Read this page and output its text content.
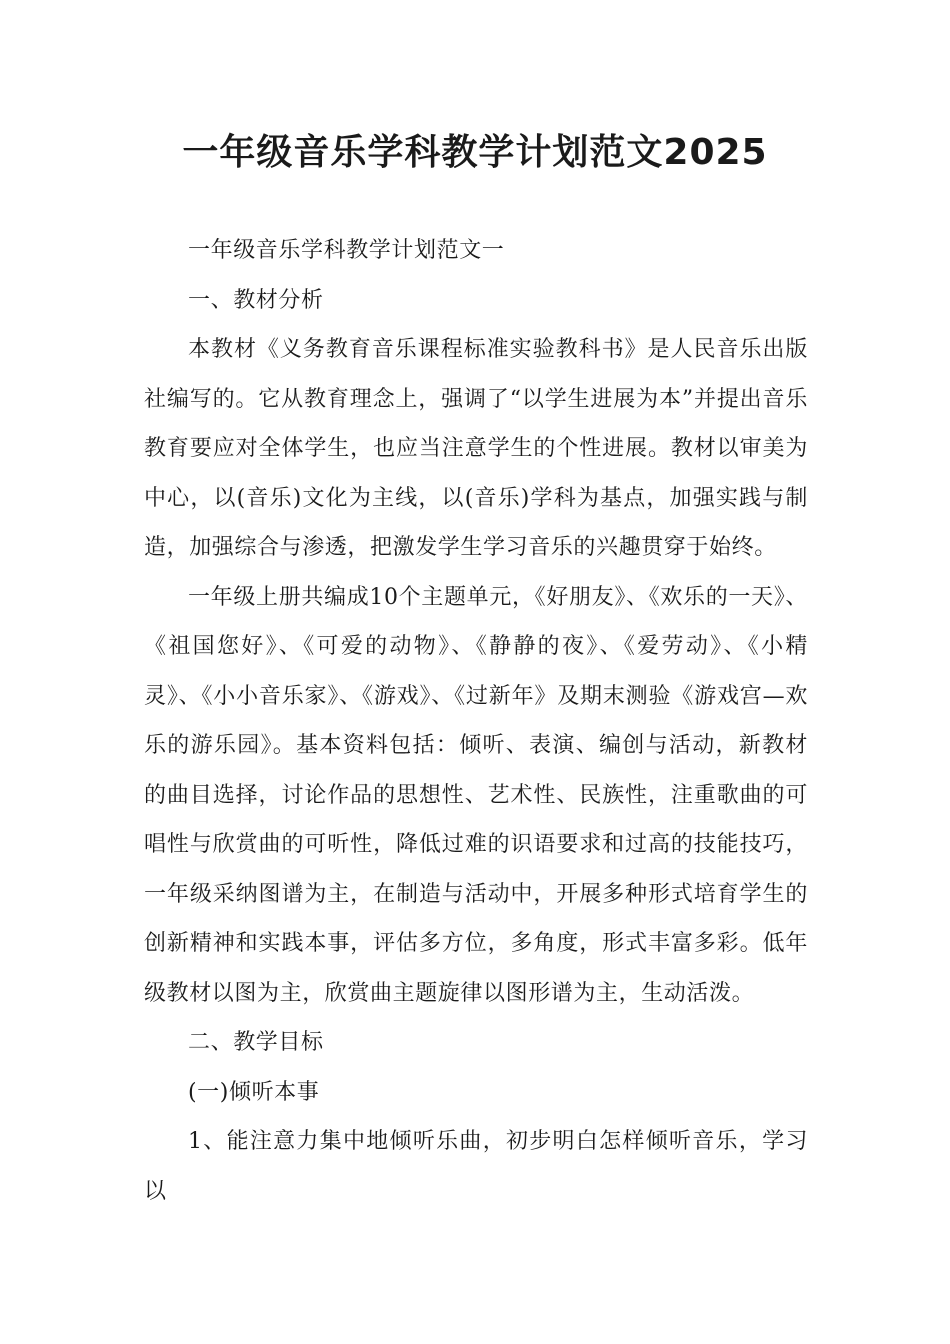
一年级音乐学科教学计划范文2025

一年级音乐学科教学计划范文一

一、教材分析

本教材《义务教育音乐课程标准实验教科书》是人民音乐出版社编写的。它从教育理念上，强调了“以学生进展为本”并提出音乐教育要应对全体学生，也应当注意学生的个性进展。教材以审美为中心，以(音乐)文化为主线，以(音乐)学科为基点，加强实践与制造，加强综合与渗透，把激发学生学习音乐的兴趣贯穿于始终。

一年级上册共编成10个主题单元，《好朋友》、《欢乐的一天》、《祖国您好》、《可爱的动物》、《静静的夜》、《爱劳动》、《小精灵》、《小小音乐家》、《游戏》、《过新年》及期末测验《游戏宫—欢乐的游乐园》。基本资料包括：倾听、表演、编创与活动，新教材的曲目选择，讨论作品的思想性、艺术性、民族性，注重歌曲的可唱性与欣赏曲的可听性，降低过难的识语要求和过高的技能技巧，一年级采纳图谱为主，在制造与活动中，开展多种形式培育学生的创新精神和实践本事，评估多方位，多角度，形式丰富多彩。低年级教材以图为主，欣赏曲主题旋律以图形谱为主，生动活泼。

二、教学目标

(一)倾听本事

1、能注意力集中地倾听乐曲，初步明白怎样倾听音乐，学习以
